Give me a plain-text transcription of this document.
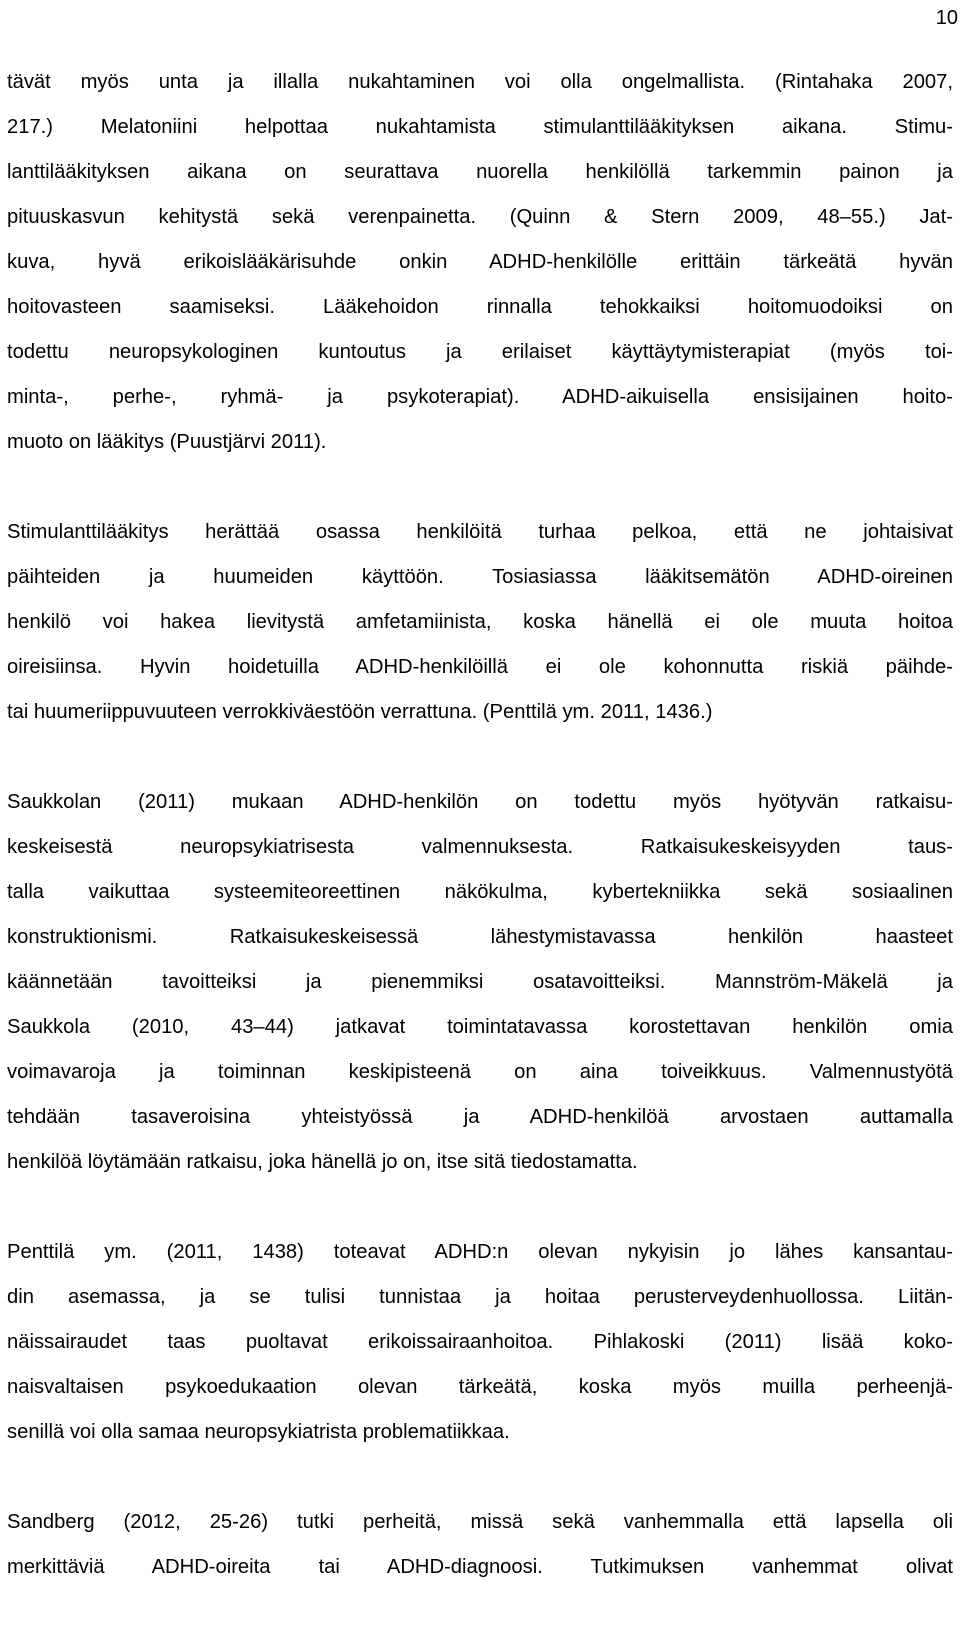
10
tävät myös unta ja illalla nukahtaminen voi olla ongelmallista. (Rintahaka 2007,
217.) Melatoniini helpottaa nukahtamista stimulanttilääkityksen aikana. Stimu-
lanttilääkityksen aikana on seurattava nuorella henkilöllä tarkemmin painon ja
pituuskasvun kehitystä sekä verenpainetta. (Quinn & Stern 2009, 48‒55.) Jat-
kuva, hyvä erikoislääkärisuhde onkin ADHD-henkilölle erittäin tärkeätä hyvän
hoitovasteen saamiseksi. Lääkehoidon rinnalla tehokkaiksi hoitomuodoiksi on
todettu neuropsykologinen kuntoutus ja erilaiset käyttäytymisterapiat (myös toi-
minta-, perhe-, ryhmä- ja psykoterapiat). ADHD-aikuisella ensisijainen hoito-
muoto on lääkitys (Puustjärvi 2011).
Stimulanttilääkitys herättää osassa henkilöitä turhaa pelkoa, että ne johtaisivat
päihteiden ja huumeiden käyttöön. Tosiasiassa lääkitsemätön ADHD-oireinen
henkilö voi hakea lievitystä amfetamiinista, koska hänellä ei ole muuta hoitoa
oireisiinsa. Hyvin hoidetuilla ADHD-henkilöillä ei ole kohonnutta riskiä päihde-
tai huumeriippuvuuteen verrokkiväestöön verrattuna. (Penttilä ym. 2011, 1436.)
Saukkolan (2011) mukaan ADHD-henkilön on todettu myös hyötyvän ratkaisu-
keskeisestä neuropsykiatrisesta valmennuksesta. Ratkaisukeskeisyyden taus-
talla vaikuttaa systeemiteoreettinen näkökulma, kybertekniikka sekä sosiaalinen
konstruktionismi. Ratkaisukeskeisessä lähestymistavassa henkilön haasteet
käännetään tavoitteiksi ja pienemmiksi osatavoitteiksi. Mannström-Mäkelä ja
Saukkola (2010, 43‒44) jatkavat toimintatavassa korostettavan henkilön omia
voimavaroja ja toiminnan keskipisteenä on aina toiveikkuus. Valmennustyötä
tehdään tasaveroisina yhteistyössä ja ADHD-henkilöä arvostaen auttamalla
henkilöä löytämään ratkaisu, joka hänellä jo on, itse sitä tiedostamatta.
Penttilä ym. (2011, 1438) toteavat ADHD:n olevan nykyisin jo lähes kansantau-
din asemassa, ja se tulisi tunnistaa ja hoitaa perusterveydenhuollossa. Liitän-
näissairaudet taas puoltavat erikoissairaanhoitoa. Pihlakoski (2011) lisää koko-
naisvaltaisen psykoedukaation olevan tärkeätä, koska myös muilla perheenjä-
senillä voi olla samaa neuropsykiatrista problematiikkaa.
Sandberg (2012, 25-26) tutki perheitä, missä sekä vanhemmalla että lapsella oli
merkittäviä ADHD-oireita tai ADHD-diagnoosi. Tutkimuksen vanhemmat olivat
